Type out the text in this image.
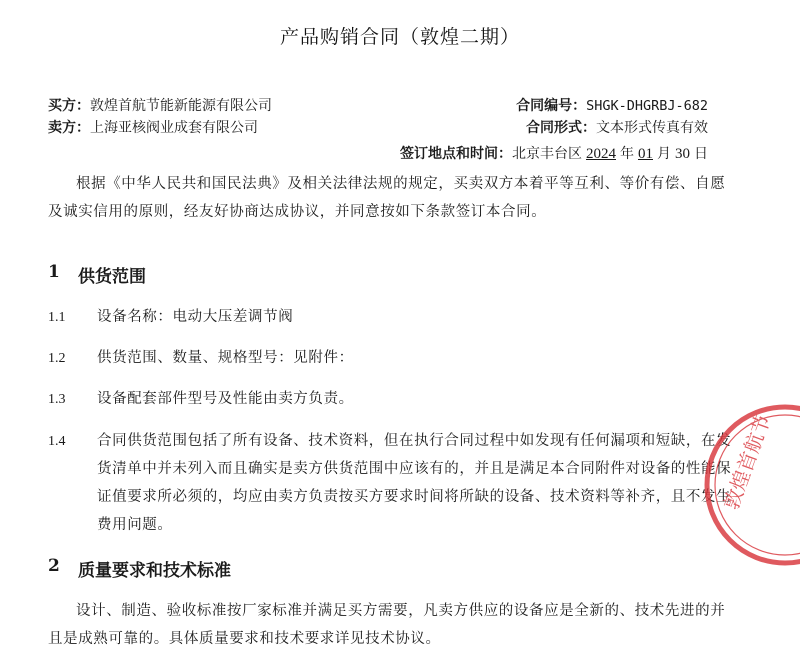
产品购销合同（敦煌二期）
买方：敦煌首航节能新能源有限公司
卖方：上海亚核阀业成套有限公司
合同编号：SHGK-DHGRBJ-682
合同形式：文本形式传真有效
签订地点和时间：北京丰台区 2024 年 01 月 30 日
根据《中华人民共和国民法典》及相关法律法规的规定，买卖双方本着平等互利、等价有偿、自愿及诚实信用的原则，经友好协商达成协议，并同意按如下条款签订本合同。
1 供货范围
1.1 设备名称：电动大压差调节阀
1.2 供货范围、数量、规格型号：见附件：
1.3 设备配套部件型号及性能由卖方负责。
1.4 合同供货范围包括了所有设备、技术资料，但在执行合同过程中如发现有任何漏项和短缺，在发货清单中并未列入而且确实是卖方供货范围中应该有的，并且是满足本合同附件对设备的性能保证值要求所必须的，均应由卖方负责按买方要求时间将所缺的设备、技术资料等补齐，且不发生费用问题。
2 质量要求和技术标准
设计、制造、验收标准按厂家标准并满足买方需要，凡卖方供应的设备应是全新的、技术先进的并且是成熟可靠的。具体质量要求和技术要求详见技术协议。
敦煌首航节
